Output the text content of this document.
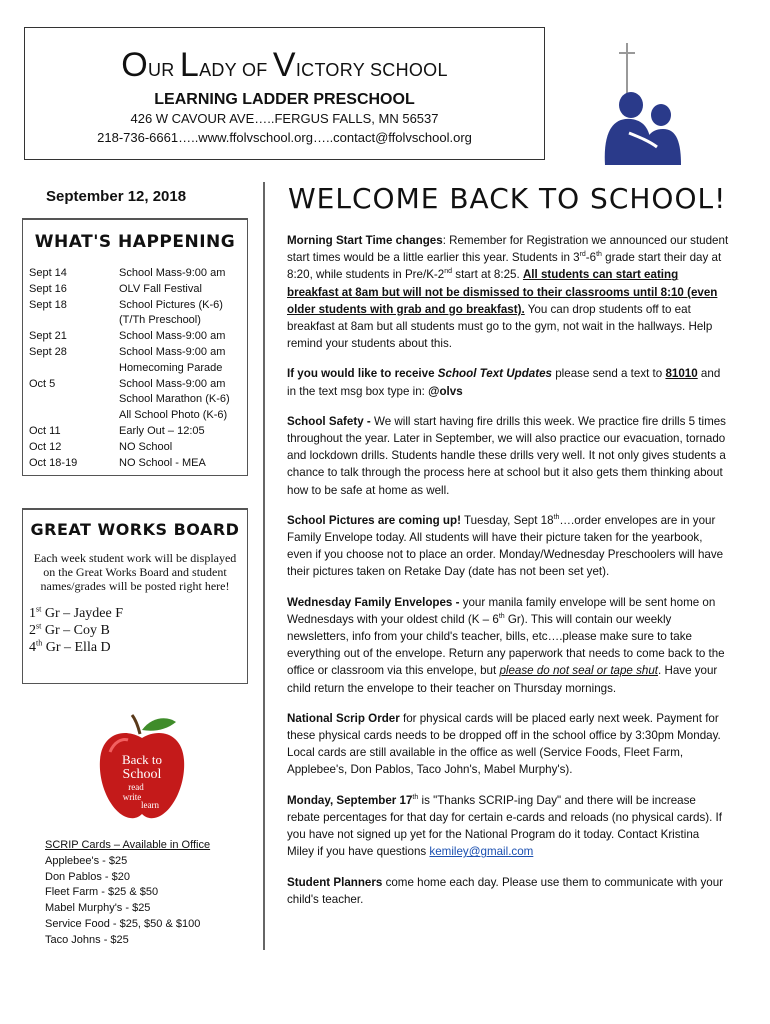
OUR LADY OF VICTORY SCHOOL
LEARNING LADDER PRESCHOOL
426 W CAVOUR AVE…..FERGUS FALLS, MN 56537
218-736-6661…..www.ffolvschool.org…..contact@ffolvschool.org
September 12, 2018	WELCOME BACK TO SCHOOL!
WHAT'S HAPPENING
Sept 14	School Mass-9:00 am
Sept 16	OLV Fall Festival
Sept 18	School Pictures (K-6)
(T/Th Preschool)
Sept 21	School Mass-9:00 am
Sept 28	School Mass-9:00 am
Homecoming Parade
Oct 5	School Mass-9:00 am
School Marathon (K-6)
All School Photo (K-6)
Oct 11	Early Out – 12:05
Oct 12	NO School
Oct 18-19	NO School - MEA
GREAT WORKS BOARD
Each week student work will be displayed on the Great Works Board and student names/grades will be posted right here!
1st Gr – Jaydee F
2st Gr – Coy B
4th Gr – Ella D
Back to
School
read
write
learn
SCRIP Cards – Available in Office
Applebee's - $25
Don Pablos - $20
Fleet Farm - $25 & $50
Mabel Murphy's - $25
Service Food - $25, $50 & $100
Taco Johns - $25

Morning Start Time changes: Remember for Registration we announced our student start times would be a little earlier this year. Students in 3rd-6th grade start their day at 8:20, while students in Pre/K-2nd start at 8:25. All students can start eating breakfast at 8am but will not be dismissed to their classrooms until 8:10 (even older students with grab and go breakfast). You can drop students off to eat breakfast at 8am but all students must go to the gym, not wait in the hallways. Help remind your students about this.

If you would like to receive School Text Updates please send a text to 81010 and in the text msg box type in: @olvs

School Safety - We will start having fire drills this week. We practice fire drills 5 times throughout the year. Later in September, we will also practice our evacuation, tornado and lockdown drills. Students handle these drills very well. It not only gives students a chance to talk through the process here at school but it also gets them thinking about how to be safe at home as well.

School Pictures are coming up! Tuesday, Sept 18th….order envelopes are in your Family Envelope today. All students will have their picture taken for the yearbook, even if you choose not to place an order. Monday/Wednesday Preschoolers will have their pictures taken on Retake Day (date has not been set yet).

Wednesday Family Envelopes - your manila family envelope will be sent home on Wednesdays with your oldest child (K – 6th Gr). This will contain our weekly newsletters, info from your child's teacher, bills, etc….please make sure to take everything out of the envelope. Return any paperwork that needs to come back to the office or classroom via this envelope, but please do not seal or tape shut. Have your child return the envelope to their teacher on Thursday mornings.

National Scrip Order for physical cards will be placed early next week. Payment for these physical cards needs to be dropped off in the school office by 3:30pm Monday. Local cards are still available in the office as well (Service Foods, Fleet Farm, Applebee's, Don Pablos, Taco John's, Mabel Murphy's).

Monday, September 17th is "Thanks SCRIP-ing Day" and there will be increase rebate percentages for that day for certain e-cards and reloads (no physical cards). If you have not signed up yet for the National Program do it today. Contact Kristina Miley if you have questions kemiley@gmail.com

Student Planners come home each day. Please use them to communicate with your child's teacher.
